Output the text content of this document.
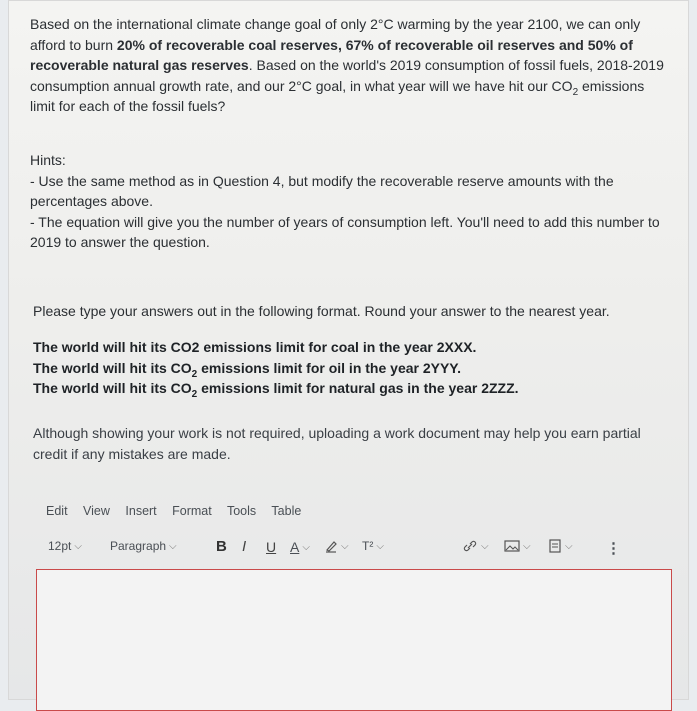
Based on the international climate change goal of only 2°C warming by the year 2100, we can only afford to burn 20% of recoverable coal reserves, 67% of recoverable oil reserves and 50% of recoverable natural gas reserves. Based on the world's 2019 consumption of fossil fuels, 2018-2019 consumption annual growth rate, and our 2°C goal, in what year will we have hit our $CO_2$ emissions limit for each of the fossil fuels?
Hints:
- Use the same method as in Question 4, but modify the recoverable reserve amounts with the percentages above.
- The equation will give you the number of years of consumption left. You'll need to add this number to 2019 to answer the question.
Please type your answers out in the following format. Round your answer to the nearest year.
The world will hit its CO2 emissions limit for coal in the year 2XXX.
The world will hit its $CO_2$ emissions limit for oil in the year 2YYY.
The world will hit its $CO_2$ emissions limit for natural gas in the year 2ZZZ.
Although showing your work is not required, uploading a work document may help you earn partial credit if any mistakes are made.
Edit View Insert Format Tools Table
12pt ⌵ Paragraph ⌵	B I U A ⌵	⌵ T² ⌵	⌵	⌵	⌵ ⋮
